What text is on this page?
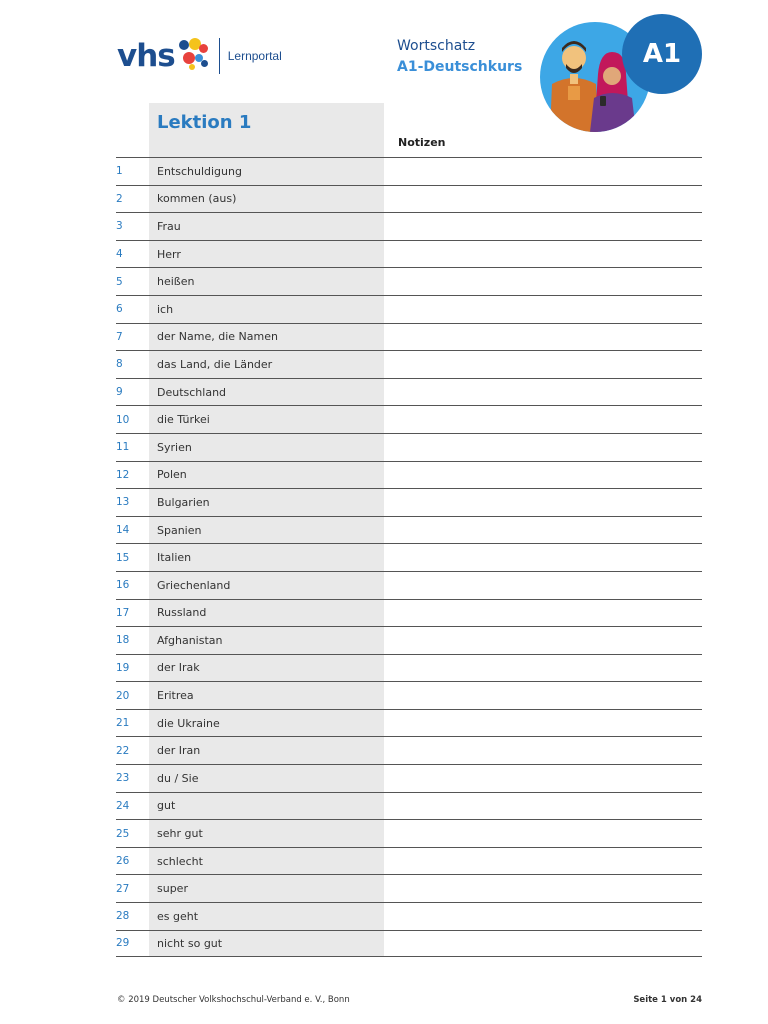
vhs	Lernportal
Wortschatz
A1-Deutschkurs	A1
Lektion 1
Notizen
1	Entschuldigung
2	kommen (aus)
3	Frau
4	Herr
5	heißen
6	ich
7	der Name, die Namen
8	das Land, die Länder
9	Deutschland
10	die Türkei
11	Syrien
12	Polen
13	Bulgarien
14	Spanien
15	Italien
16	Griechenland
17	Russland
18	Afghanistan
19	der Irak
20	Eritrea
21	die Ukraine
22	der Iran
23	du / Sie
24	gut
25	sehr gut
26	schlecht
27	super
28	es geht
29	nicht so gut
© 2019 Deutscher Volkshochschul-Verband e. V., Bonn	Seite 1 von 24
